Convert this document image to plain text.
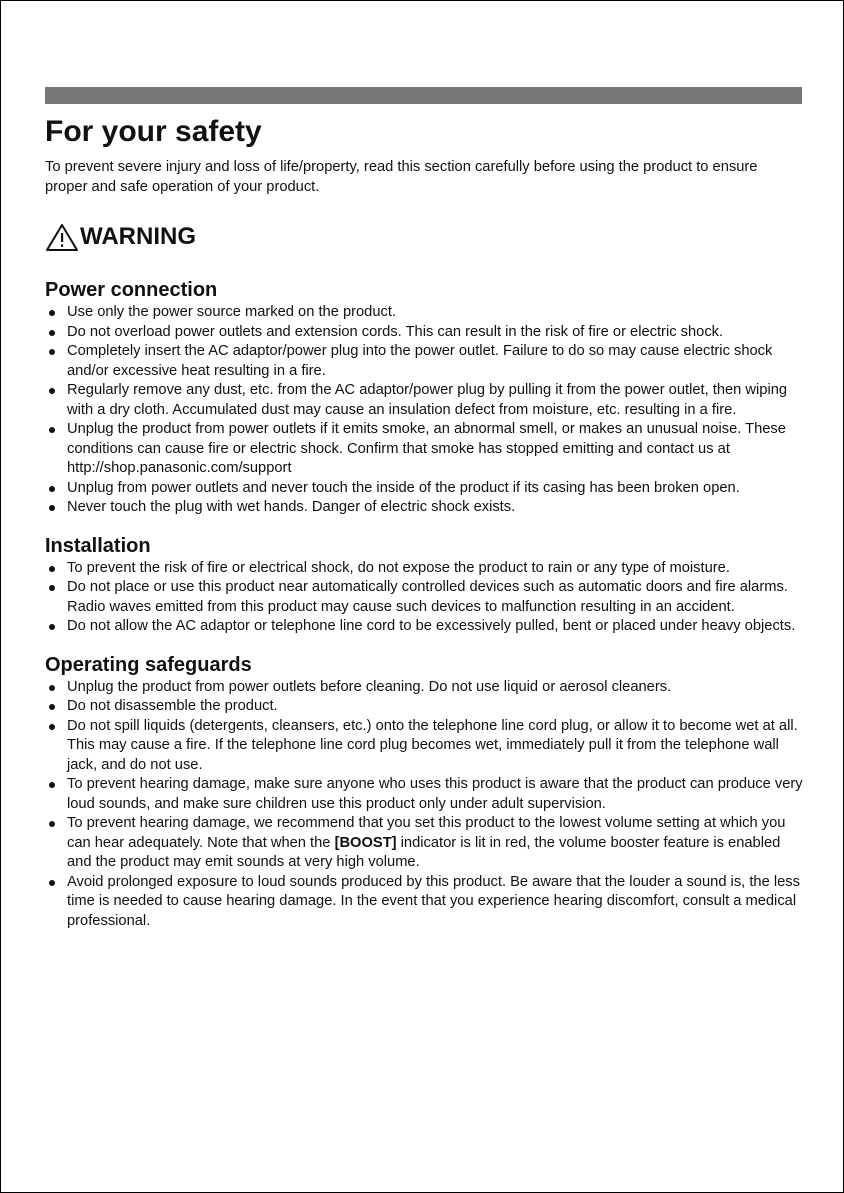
For your safety

To prevent severe injury and loss of life/property, read this section carefully before using the product to ensure proper and safe operation of your product.

WARNING
Power connection
Use only the power source marked on the product.
Do not overload power outlets and extension cords. This can result in the risk of fire or electric shock.
Completely insert the AC adaptor/power plug into the power outlet. Failure to do so may cause electric shock and/or excessive heat resulting in a fire.
Regularly remove any dust, etc. from the AC adaptor/power plug by pulling it from the power outlet, then wiping with a dry cloth. Accumulated dust may cause an insulation defect from moisture, etc. resulting in a fire.
Unplug the product from power outlets if it emits smoke, an abnormal smell, or makes an unusual noise. These conditions can cause fire or electric shock. Confirm that smoke has stopped emitting and contact us at http://shop.panasonic.com/support
Unplug from power outlets and never touch the inside of the product if its casing has been broken open.
Never touch the plug with wet hands. Danger of electric shock exists.
Installation
To prevent the risk of fire or electrical shock, do not expose the product to rain or any type of moisture.
Do not place or use this product near automatically controlled devices such as automatic doors and fire alarms. Radio waves emitted from this product may cause such devices to malfunction resulting in an accident.
Do not allow the AC adaptor or telephone line cord to be excessively pulled, bent or placed under heavy objects.
Operating safeguards
Unplug the product from power outlets before cleaning. Do not use liquid or aerosol cleaners.
Do not disassemble the product.
Do not spill liquids (detergents, cleansers, etc.) onto the telephone line cord plug, or allow it to become wet at all. This may cause a fire. If the telephone line cord plug becomes wet, immediately pull it from the telephone wall jack, and do not use.
To prevent hearing damage, make sure anyone who uses this product is aware that the product can produce very loud sounds, and make sure children use this product only under adult supervision.
To prevent hearing damage, we recommend that you set this product to the lowest volume setting at which you can hear adequately. Note that when the [BOOST] indicator is lit in red, the volume booster feature is enabled and the product may emit sounds at very high volume.
Avoid prolonged exposure to loud sounds produced by this product. Be aware that the louder a sound is, the less time is needed to cause hearing damage. In the event that you experience hearing discomfort, consult a medical professional.
